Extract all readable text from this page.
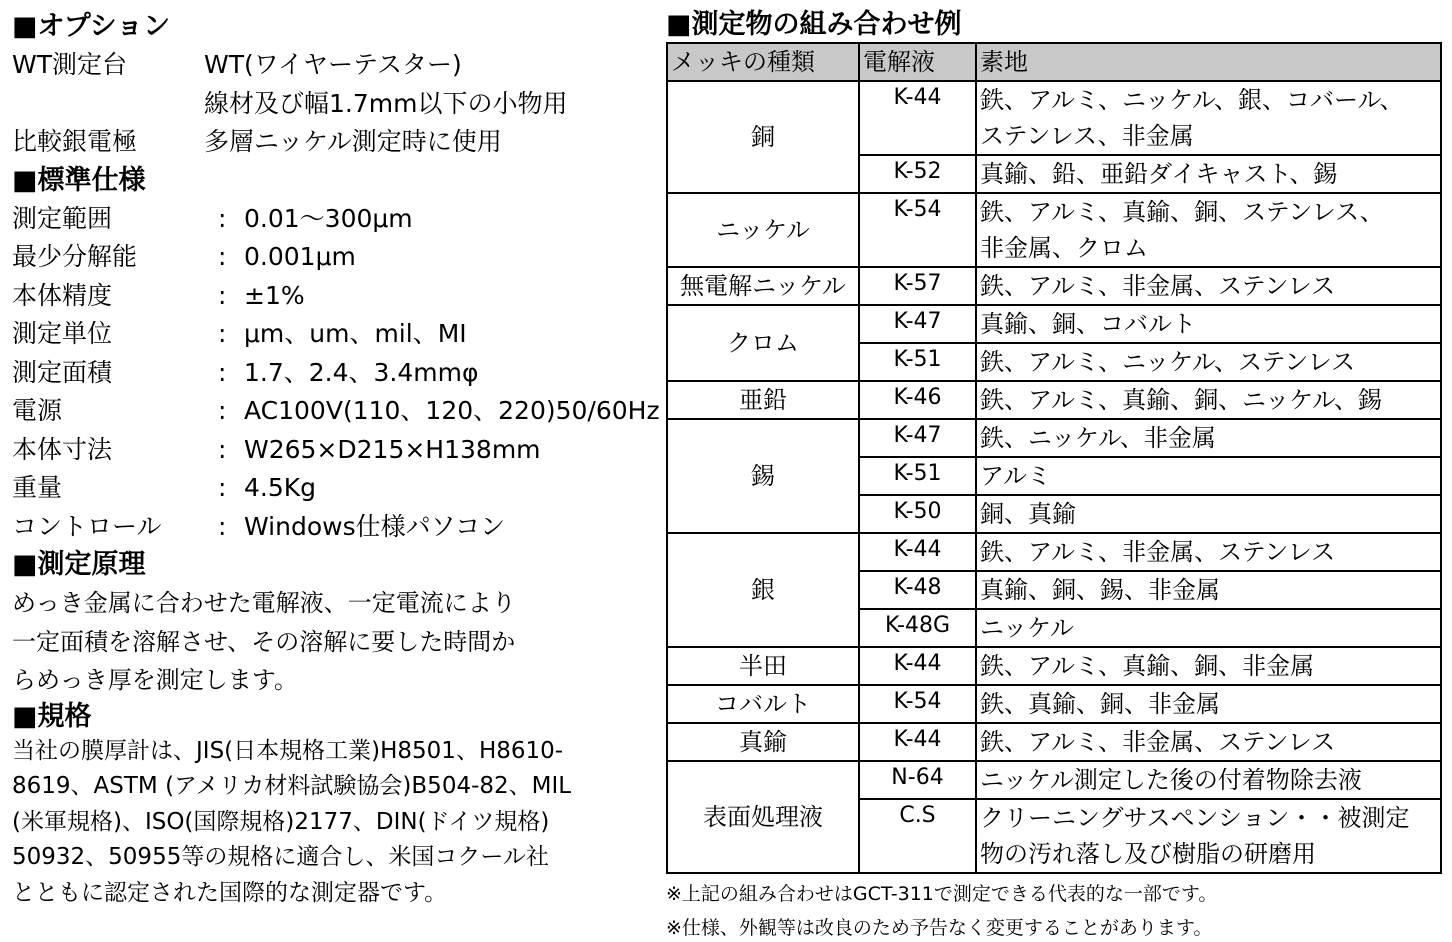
■オプション
WT測定台	WT(ワイヤーテスター)
線材及び幅1.7mm以下の小物用
比較銀電極	多層ニッケル測定時に使用
■標準仕様
測定範囲	: 0.01〜300μm
最少分解能	: 0.001μm
本体精度	: ±1%
測定単位	: μm、um、mil、MI
測定面積	: 1.7、2.4、3.4mmφ
電源	: AC100V(110、120、220)50/60Hz
本体寸法	: W265×D215×H138mm
重量	: 4.5Kg
コントロール : Windows仕様パソコン
■測定原理
めっき金属に合わせた電解液、一定電流により
一定面積を溶解させ、その溶解に要した時間か
らめっき厚を測定します。
■規格
当社の膜厚計は、JIS(日本規格工業)H8501、H8610-
8619、ASTM (アメリカ材料試験協会)B504-82、MIL
(米軍規格)、ISO(国際規格)2177、DIN(ドイツ規格)
50932、50955等の規格に適合し、米国コクール社
とともに認定された国際的な測定器です。
■測定物の組み合わせ例
メッキの種類	電解液	素地
銅	K-44	鉄、アルミ、ニッケル、銀、コバール、
ステンレス、非金属

	K-52	真鍮、鉛、亜鉛ダイキャスト、錫

ニッケル	K-54	鉄、アルミ、真鍮、銅、ステンレス、
非金属、クロム

無電解ニッケル	K-57	鉄、アルミ、非金属、ステンレス

クロム	K-47	真鍮、銅、コバルト

	K-51	鉄、アルミ、ニッケル、ステンレス

亜鉛	K-46	鉄、アルミ、真鍮、銅、ニッケル、錫

錫	K-47	鉄、ニッケル、非金属

	K-51	アルミ

	K-50	銅、真鍮

銀	K-44	鉄、アルミ、非金属、ステンレス

	K-48	真鍮、銅、錫、非金属

	K-48G	ニッケル

半田	K-44	鉄、アルミ、真鍮、銅、非金属

コバルト	K-54	鉄、真鍮、銅、非金属

真鍮	K-44	鉄、アルミ、非金属、ステンレス

表面処理液	N-64	ニッケル測定した後の付着物除去液

	C.S	クリーニングサスペンション・・被測定
物の汚れ落し及び樹脂の研磨用
※上記の組み合わせはGCT-311で測定できる代表的な一部です。
※仕様、外観等は改良のため予告なく変更することがあります。
